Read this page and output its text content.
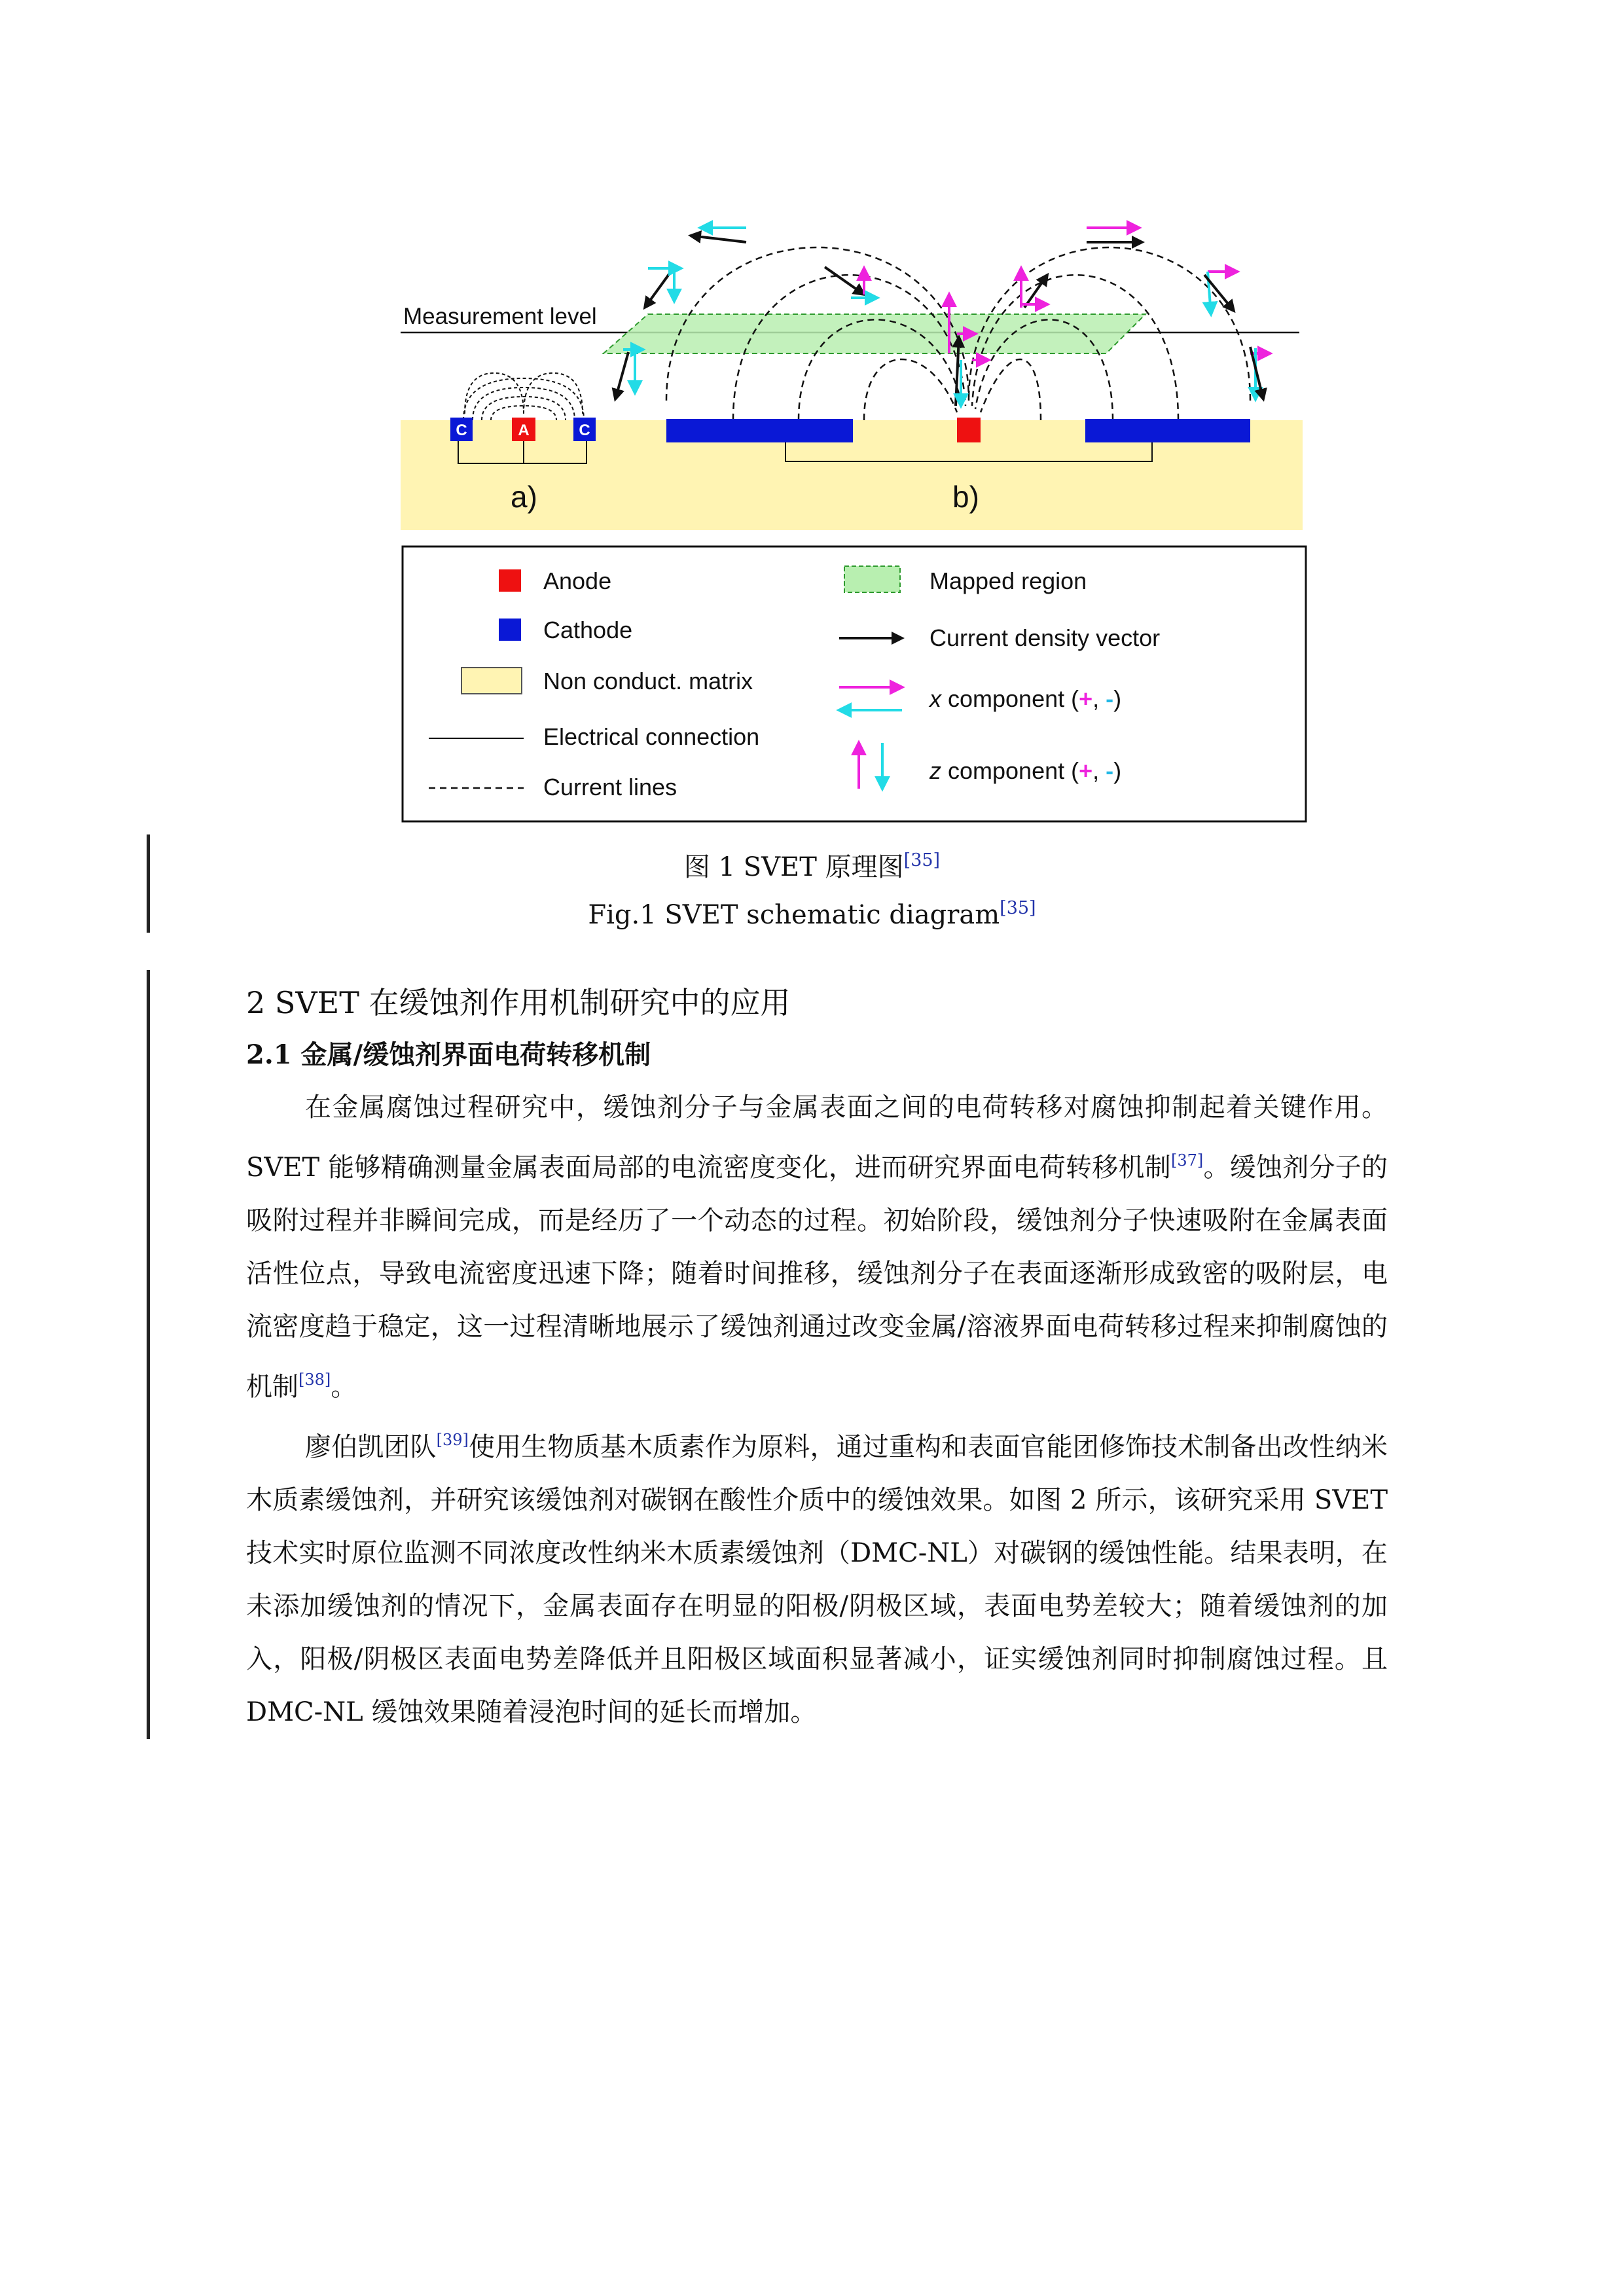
Measurement level
C	A	C
a)	b)
Anode
Cathode
Non conduct. matrix
Electrical connection
Current lines
Mapped region
Current density vector
x component (+, -)
z component (+, -)
图 1 SVET 原理图[35]
Fig.1 SVET schematic diagram[35]
2 SVET 在缓蚀剂作用机制研究中的应用
2.1 金属/缓蚀剂界面电荷转移机制

在金属腐蚀过程研究中，缓蚀剂分子与金属表面之间的电荷转移对腐蚀抑制起着关键作用。SVET 能够精确测量金属表面局部的电流密度变化，进而研究界面电荷转移机制[37]。缓蚀剂分子的吸附过程并非瞬间完成，而是经历了一个动态的过程。初始阶段，缓蚀剂分子快速吸附在金属表面活性位点，导致电流密度迅速下降；随着时间推移，缓蚀剂分子在表面逐渐形成致密的吸附层，电流密度趋于稳定，这一过程清晰地展示了缓蚀剂通过改变金属/溶液界面电荷转移过程来抑制腐蚀的机制[38]。

廖伯凯团队[39]使用生物质基木质素作为原料，通过重构和表面官能团修饰技术制备出改性纳米木质素缓蚀剂，并研究该缓蚀剂对碳钢在酸性介质中的缓蚀效果。如图 2 所示，该研究采用 SVET 技术实时原位监测不同浓度改性纳米木质素缓蚀剂（DMC-NL）对碳钢的缓蚀性能。结果表明，在未添加缓蚀剂的情况下，金属表面存在明显的阳极/阴极区域，表面电势差较大；随着缓蚀剂的加入，阳极/阴极区表面电势差降低并且阳极区域面积显著减小，证实缓蚀剂同时抑制腐蚀过程。且 DMC-NL 缓蚀效果随着浸泡时间的延长而增加。
